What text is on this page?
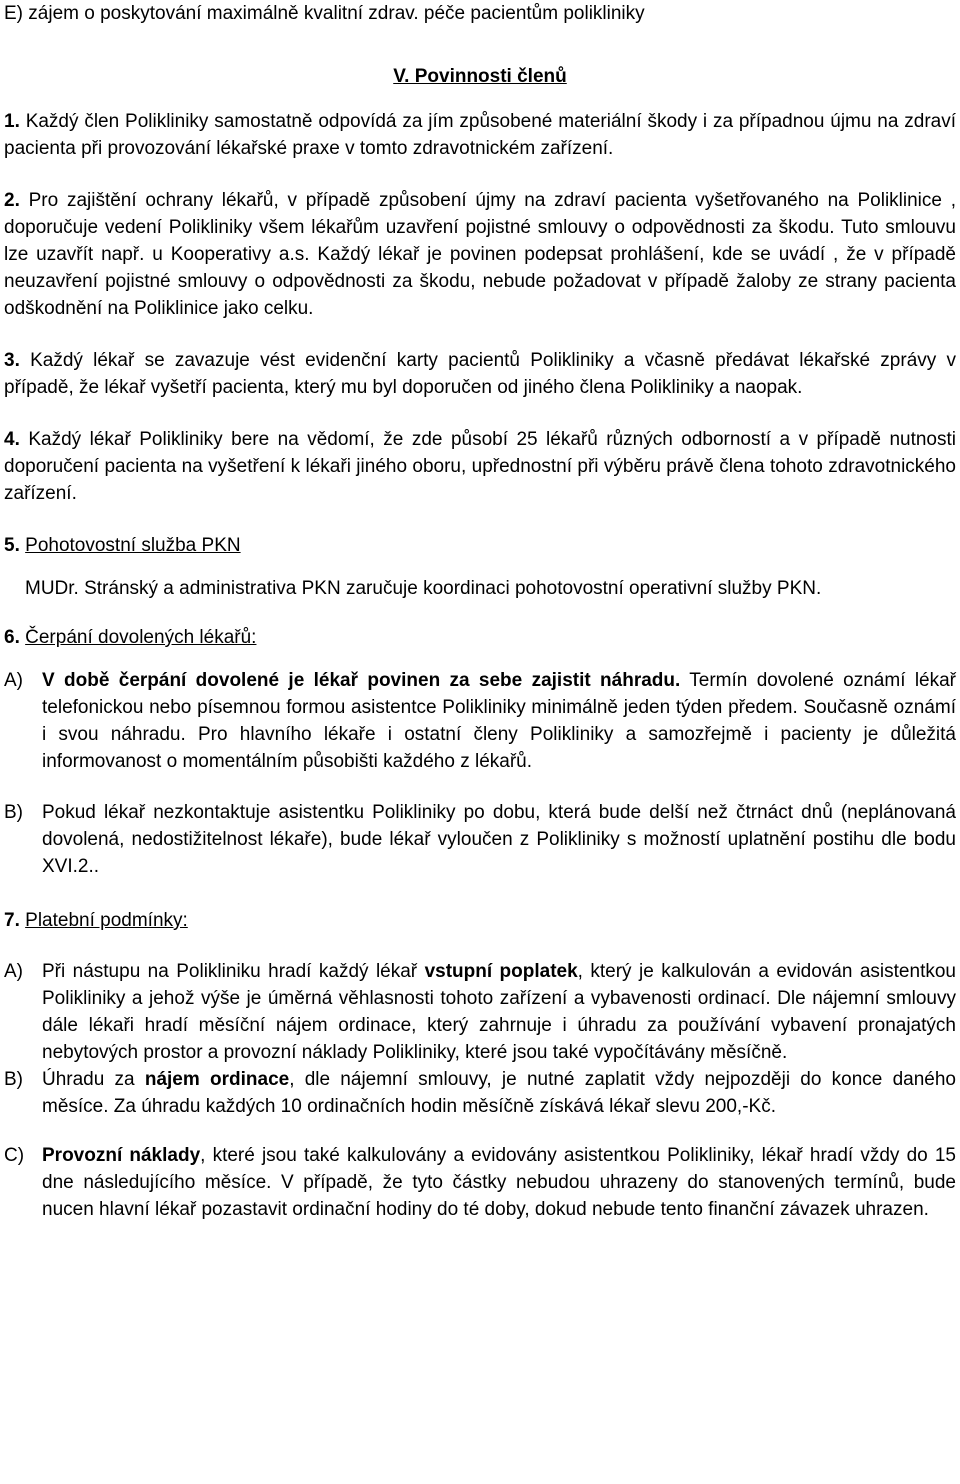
E) zájem o poskytování maximálně kvalitní zdrav. péče pacientům polikliniky

V. Povinnosti členů

1. Každý člen Polikliniky samostatně odpovídá za jím způsobené materiální škody i za případnou újmu na zdraví pacienta při provozování lékařské praxe v tomto zdravotnickém zařízení.

2. Pro zajištění ochrany lékařů, v případě způsobení újmy na zdraví pacienta vyšetřovaného na Poliklinice , doporučuje vedení Polikliniky všem lékařům uzavření pojistné smlouvy o odpovědnosti za škodu. Tuto smlouvu lze uzavřít např. u Kooperativy a.s. Každý lékař je povinen podepsat prohlášení, kde se uvádí , že v případě neuzavření pojistné smlouvy o odpovědnosti za škodu, nebude požadovat v případě žaloby ze strany pacienta odškodnění na Poliklinice jako celku.

3. Každý lékař se zavazuje vést evidenční karty pacientů Polikliniky a včasně předávat lékařské zprávy v případě, že lékař vyšetří pacienta, který mu byl doporučen od jiného člena Polikliniky a naopak.

4. Každý lékař Polikliniky bere na vědomí, že zde působí 25 lékařů různých odborností a v případě nutnosti doporučení pacienta na vyšetření k lékaři jiného oboru, upřednostní při výběru právě člena tohoto zdravotnického zařízení.

5. Pohotovostní služba PKN

MUDr. Stránský a administrativa PKN zaručuje koordinaci pohotovostní operativní služby PKN.

6. Čerpání dovolených lékařů:

A)	V době čerpání dovolené je lékař povinen za sebe zajistit náhradu. Termín dovolené oznámí lékař telefonickou nebo písemnou formou asistentce Polikliniky minimálně jeden týden předem. Současně oznámí i svou náhradu. Pro hlavního lékaře i ostatní členy Polikliniky a samozřejmě i pacienty je důležitá informovanost o momentálním působišti každého z lékařů.

B)	Pokud lékař nezkontaktuje asistentku Polikliniky po dobu, která bude delší než čtrnáct dnů (neplánovaná dovolená, nedostižitelnost lékaře), bude lékař vyloučen z Polikliniky s možností uplatnění postihu dle bodu XVI.2..

7. Platební podmínky:

A)	Při nástupu na Polikliniku hradí každý lékař vstupní poplatek, který je kalkulován a evidován asistentkou Polikliniky a jehož výše je úměrná věhlasnosti tohoto zařízení a vybavenosti ordinací. Dle nájemní smlouvy dále lékaři hradí měsíční nájem ordinace, který zahrnuje i úhradu za používání vybavení pronajatých nebytových prostor a provozní náklady Polikliniky, které jsou také vypočítávány měsíčně.

B)	Úhradu za nájem ordinace, dle nájemní smlouvy, je nutné zaplatit vždy nejpozději do konce daného měsíce. Za úhradu každých 10 ordinačních hodin měsíčně získává lékař slevu 200,-Kč.

C) Provozní náklady, které jsou také kalkulovány a evidovány asistentkou Polikliniky, lékař hradí vždy do 15 dne následujícího měsíce. V případě, že tyto částky nebudou uhrazeny do stanovených termínů, bude nucen hlavní lékař pozastavit ordinační hodiny do té doby, dokud nebude tento finanční závazek uhrazen.
